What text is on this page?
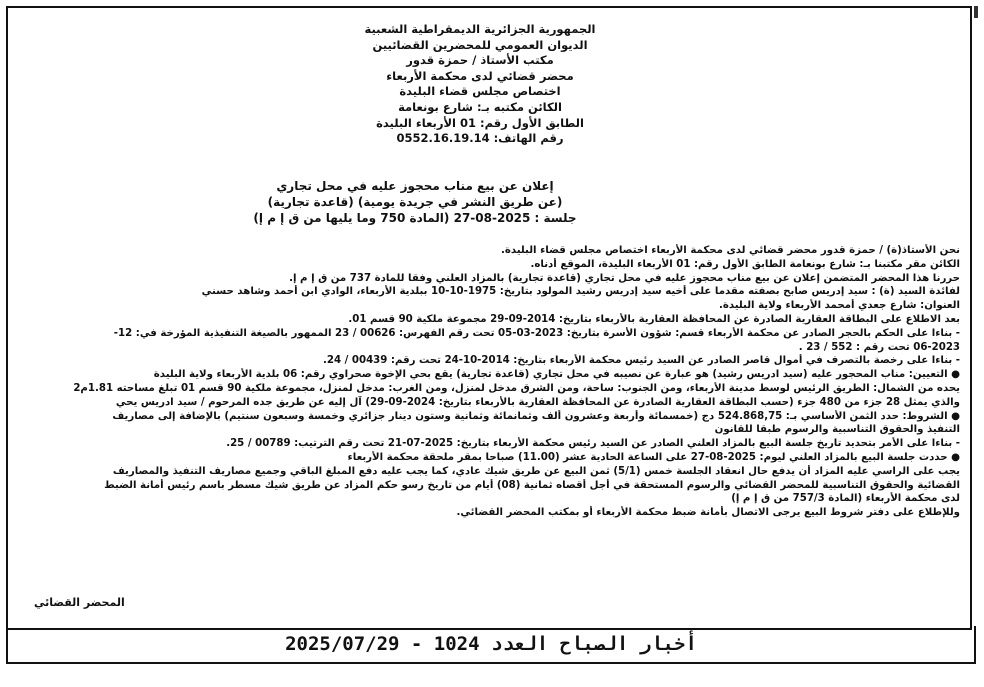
الجمهورية الجزائرية الديمقراطية الشعبية
الديوان العمومي للمحضرين القضائيين
مكتب الأستاذ / حمزة قدور
محضر قضائي لدى محكمة الأربعاء
اختصاص مجلس قضاء البليدة
الكائن مكتبه بـ: شارع بونعامة
الطابق الأول رقم: 01 الأربعاء البليدة
رقم الهاتف: 0552.16.19.14
إعلان عن بيع مناب محجوز عليه في محل تجاري
(قاعدة تجارية) (عن طريق النشر في جريدة يومية)
(المادة 750 وما يليها من ق إ م إ) جلسة : 2025-08-27

نحن الأستاذ(ة) / حمزة قدور محضر قضائي لدى محكمة الأربعاء اختصاص مجلس قضاء البليدة.

الكائن مقر مكتبنا بـ: شارع بونعامة الطابق الأول رقم: 01 الأربعاء البليدة، الموقع أدناه.

حررنا هذا المحضر المتضمن إعلان عن بيع مناب محجوز عليه في محل تجاري (قاعدة تجارية) بالمزاد العلني وفقا للمادة 737 من ق إ م إ.

لفائدة السيد (ة) : سيد إدريس صابح بصفته مقدما على أخيه سيد إدريس رشيد المولود بتاريخ: 1975-10-10 ببلدية الأربعاء، الوادي ابن أحمد وشاهد حسني

العنوان: شارع جعدي أمحمد الأربعاء ولاية البليدة.

بعد الاطلاع على البطاقة العقارية الصادرة عن المحافظة العقارية بالأربعاء بتاريخ: 2014-09-29 مجموعة ملكية 90 قسم 01.

- بناءا على الحكم بالحجر الصادر عن محكمة الأربعاء قسم: شؤون الأسرة بتاريخ: 2023-03-05 تحت رقم الفهرس: 00626 / 23 الممهور بالصيغة التنفيذية المؤرخة في: 12-

06-2023 تحت رقم : 552 / 23 .

- بناءا على رخصة بالتصرف في أموال قاصر الصادر عن السيد رئيس محكمة الأربعاء بتاريخ: 2014-10-24 تحت رقم: 00439 / 24.

● التعيين: مناب المحجور عليه (سيد ادريس رشيد) هو عبارة عن نصيبه في محل تجاري (قاعدة تجارية) يقع بحي الإخوة صحراوي رقم: 06 بلدية الأربعاء ولاية البليدة

يحده من الشمال: الطريق الرئيس لوسط مدينة الأربعاء، ومن الجنوب: ساحة، ومن الشرق مدخل لمنزل، ومن الغرب: مدخل لمنزل، مجموعة ملكية 90 قسم 01 تبلغ مساحته 1.81م2

والذي يمثل 28 جزء من 480 جزء (حسب البطاقة العقارية الصادرة عن المحافظة العقارية بالأربعاء بتاريخ: 2024-09-29) آل إليه عن طريق جده المرحوم / سيد ادريس يحي

● الشروط: حدد الثمن الأساسي بـ: 524.868,75 دج (خمسمائة وأربعة وعشرون ألف وثمانمائة وثمانية وستون دينار جزائري وخمسة وسبعون سنتيم) بالإضافة إلى مصاريف

التنفيذ والحقوق التناسبية والرسوم طبقا للقانون

- بناءا على الأمر بتحديد تاريخ جلسة البيع بالمزاد العلني الصادر عن السيد رئيس محكمة الأربعاء بتاريخ: 2025-07-21 تحت رقم الترتيب: 00789 / 25.

● حددت جلسة البيع بالمزاد العلني ليوم: 2025-08-27 على الساعة الحادية عشر (11.00) صباحا بمقر ملحقة محكمة الأربعاء

يجب على الراسي عليه المزاد أن يدفع حال انعقاد الجلسة خمس (5/1) ثمن البيع عن طريق شيك عادي، كما يجب عليه دفع المبلغ الباقي وجميع مصاريف التنفيذ والمصاريف

القضائية والحقوق التناسبية للمحضر القضائي والرسوم المستحقة في أجل أقصاه ثمانية (08) أيام من تاريخ رسو حكم المزاد عن طريق شيك مسطر باسم رئيس أمانة الضبط

لدى محكمة الأربعاء (المادة 757/3 من ق إ م إ)

وللإطلاع على دفتر شروط البيع يرجى الاتصال بأمانة ضبط محكمة الأربعاء أو بمكتب المحضر القضائي.

المحضر القضائي
أخبار الصباح العدد 1024 - 2025/07/29
